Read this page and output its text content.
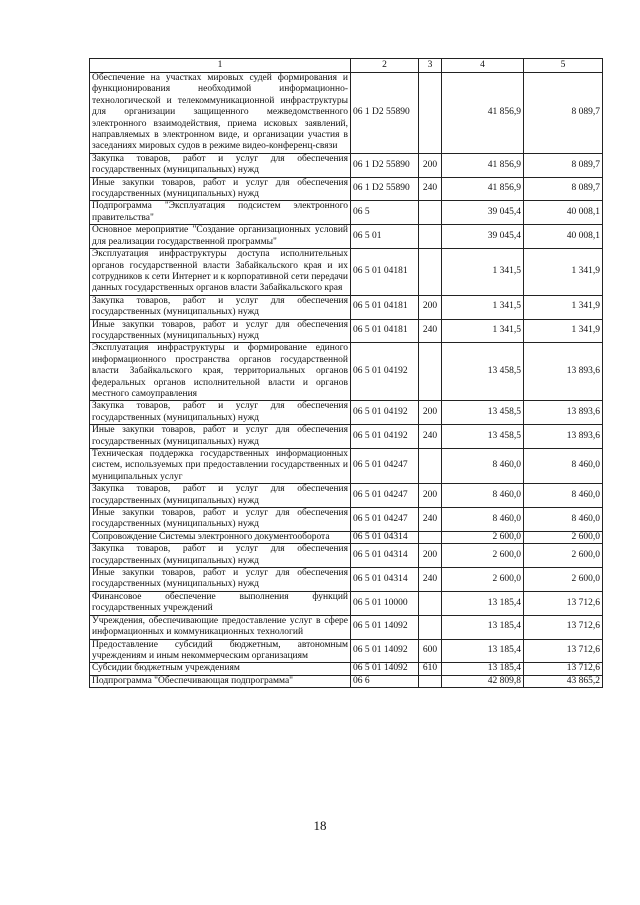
1	2	3	4	5
Обеспечение на участках мировых судей формирования и функционирования необходимой информационно-технологической и телекоммуникационной инфраструктуры для организации защищенного межведомственного электронного взаимодействия, приема исковых заявлений, направляемых в электронном виде, и организации участия в заседаниях мировых судов в режиме видео-конференц-связи	06 1 D2 55890		41 856,9	8 089,7
Закупка товаров, работ и услуг для обеспечения государственных (муниципальных) нужд	06 1 D2 55890	200	41 856,9	8 089,7
Иные закупки товаров, работ и услуг для обеспечения государственных (муниципальных) нужд	06 1 D2 55890	240	41 856,9	8 089,7
Подпрограмма "Эксплуатация подсистем электронного правительства"	06 5		39 045,4	40 008,1
Основное мероприятие "Создание организационных условий для реализации государственной программы"	06 5 01		39 045,4	40 008,1
Эксплуатация инфраструктуры доступа исполнительных органов государственной власти Забайкальского края и их сотрудников к сети Интернет и к корпоративной сети передачи данных государственных органов власти Забайкальского края	06 5 01 04181		1 341,5	1 341,9
Закупка товаров, работ и услуг для обеспечения государственных (муниципальных) нужд	06 5 01 04181	200	1 341,5	1 341,9
Иные закупки товаров, работ и услуг для обеспечения государственных (муниципальных) нужд	06 5 01 04181	240	1 341,5	1 341,9
Эксплуатация инфраструктуры и формирование единого информационного пространства органов государственной власти Забайкальского края, территориальных органов федеральных органов исполнительной власти и органов местного самоуправления	06 5 01 04192		13 458,5	13 893,6
Закупка товаров, работ и услуг для обеспечения государственных (муниципальных) нужд	06 5 01 04192	200	13 458,5	13 893,6
Иные закупки товаров, работ и услуг для обеспечения государственных (муниципальных) нужд	06 5 01 04192	240	13 458,5	13 893,6
Техническая поддержка государственных информационных систем, используемых при предоставлении государственных и муниципальных услуг	06 5 01 04247		8 460,0	8 460,0
Закупка товаров, работ и услуг для обеспечения государственных (муниципальных) нужд	06 5 01 04247	200	8 460,0	8 460,0
Иные закупки товаров, работ и услуг для обеспечения государственных (муниципальных) нужд	06 5 01 04247	240	8 460,0	8 460,0
Сопровождение Системы электронного документооборота	06 5 01 04314		2 600,0	2 600,0
Закупка товаров, работ и услуг для обеспечения государственных (муниципальных) нужд	06 5 01 04314	200	2 600,0	2 600,0
Иные закупки товаров, работ и услуг для обеспечения государственных (муниципальных) нужд	06 5 01 04314	240	2 600,0	2 600,0
Финансовое обеспечение выполнения функций государственных учреждений	06 5 01 10000		13 185,4	13 712,6
Учреждения, обеспечивающие предоставление услуг в сфере информационных и коммуникационных технологий	06 5 01 14092		13 185,4	13 712,6
Предоставление субсидий бюджетным, автономным учреждениям и иным некоммерческим организациям	06 5 01 14092	600	13 185,4	13 712,6
Субсидии бюджетным учреждениям	06 5 01 14092	610	13 185,4	13 712,6
Подпрограмма "Обеспечивающая подпрограмма"	06 6		42 809,8	43 865,2
18
